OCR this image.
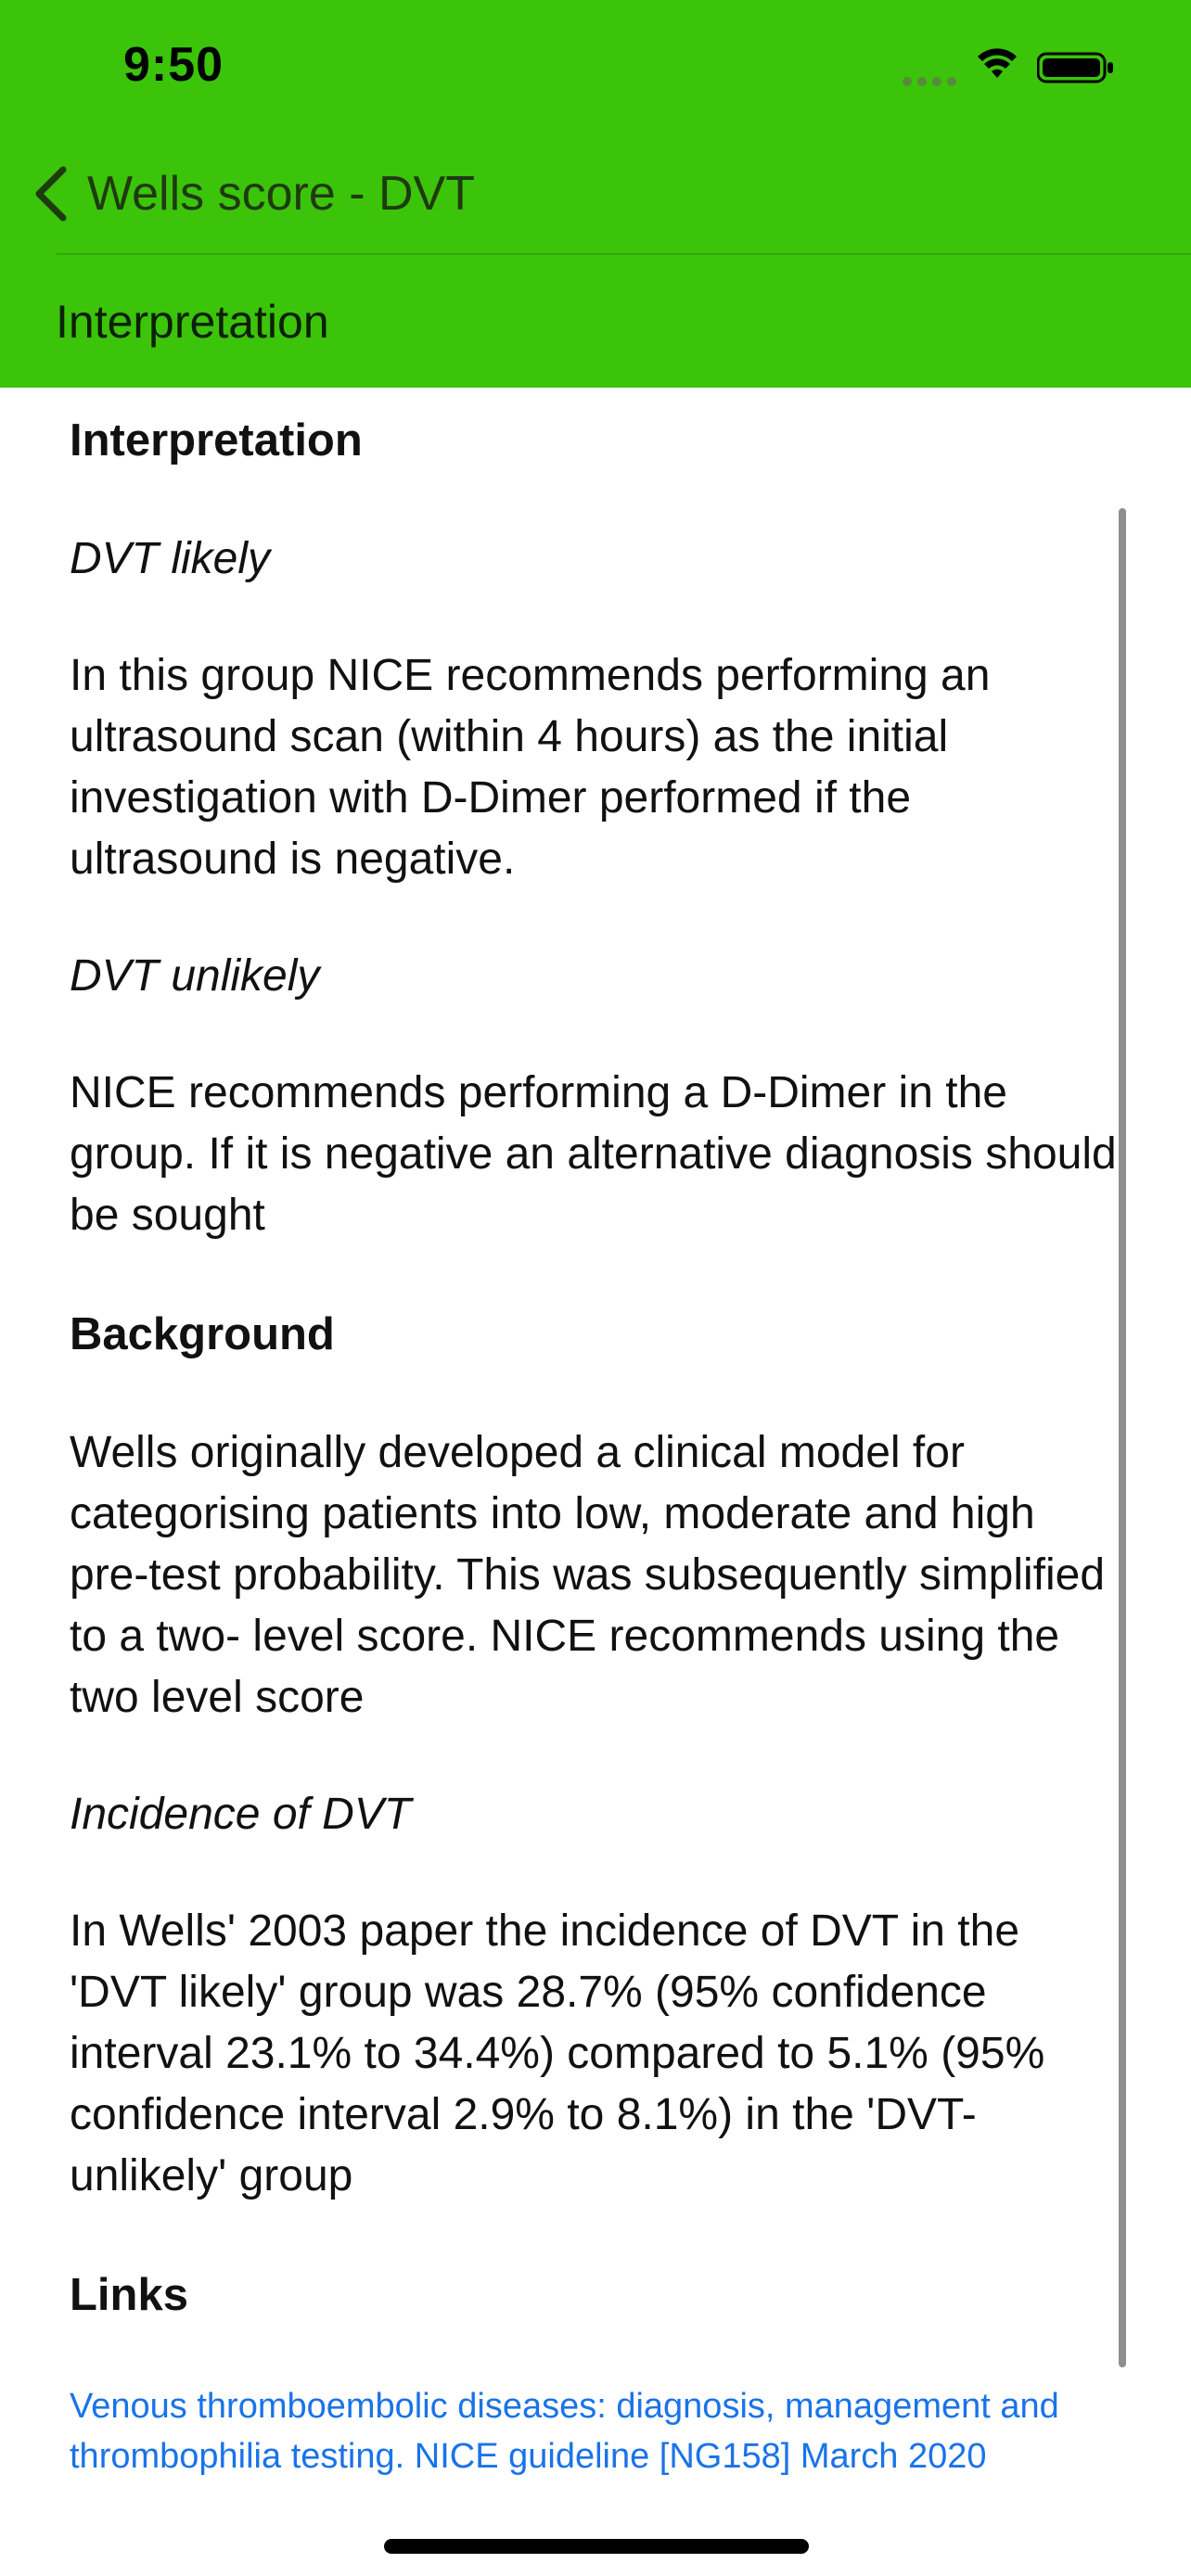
9:50
Wells score - DVT
Interpretation
Interpretation

DVT likely

In this group NICE recommends performing an ultrasound scan (within 4 hours) as the initial investigation with D-Dimer performed if the ultrasound is negative.

DVT unlikely

NICE recommends performing a D-Dimer in the group. If it is negative an alternative diagnosis should be sought

Background

Wells originally developed a clinical model for categorising patients into low, moderate and high pre-test probability. This was subsequently simplified to a two- level score. NICE recommends using the two level score

Incidence of DVT

In Wells' 2003 paper the incidence of DVT in the 'DVT likely' group was 28.7% (95% confidence interval 23.1% to 34.4%) compared to 5.1% (95% confidence interval 2.9% to 8.1%) in the 'DVT-unlikely' group

Links
Venous thromboembolic diseases: diagnosis, management and thrombophilia testing. NICE guideline [NG158] March 2020
